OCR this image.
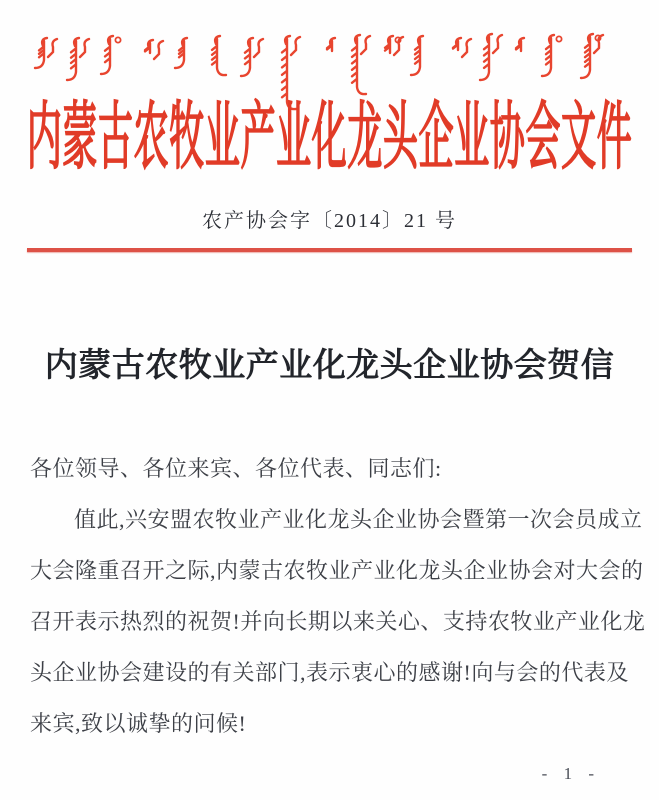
内蒙古农牧业产业化龙头企业协会文件
农产协会字〔2014〕21 号
内蒙古农牧业产业化龙头企业协会贺信
各位领导、各位来宾、各位代表、同志们:
值此,兴安盟农牧业产业化龙头企业协会暨第一次会员成立
大会隆重召开之际,内蒙古农牧业产业化龙头企业协会对大会的
召开表示热烈的祝贺!并向长期以来关心、支持农牧业产业化龙
头企业协会建设的有关部门,表示衷心的感谢!向与会的代表及
来宾,致以诚挚的问候!
- 1 -
